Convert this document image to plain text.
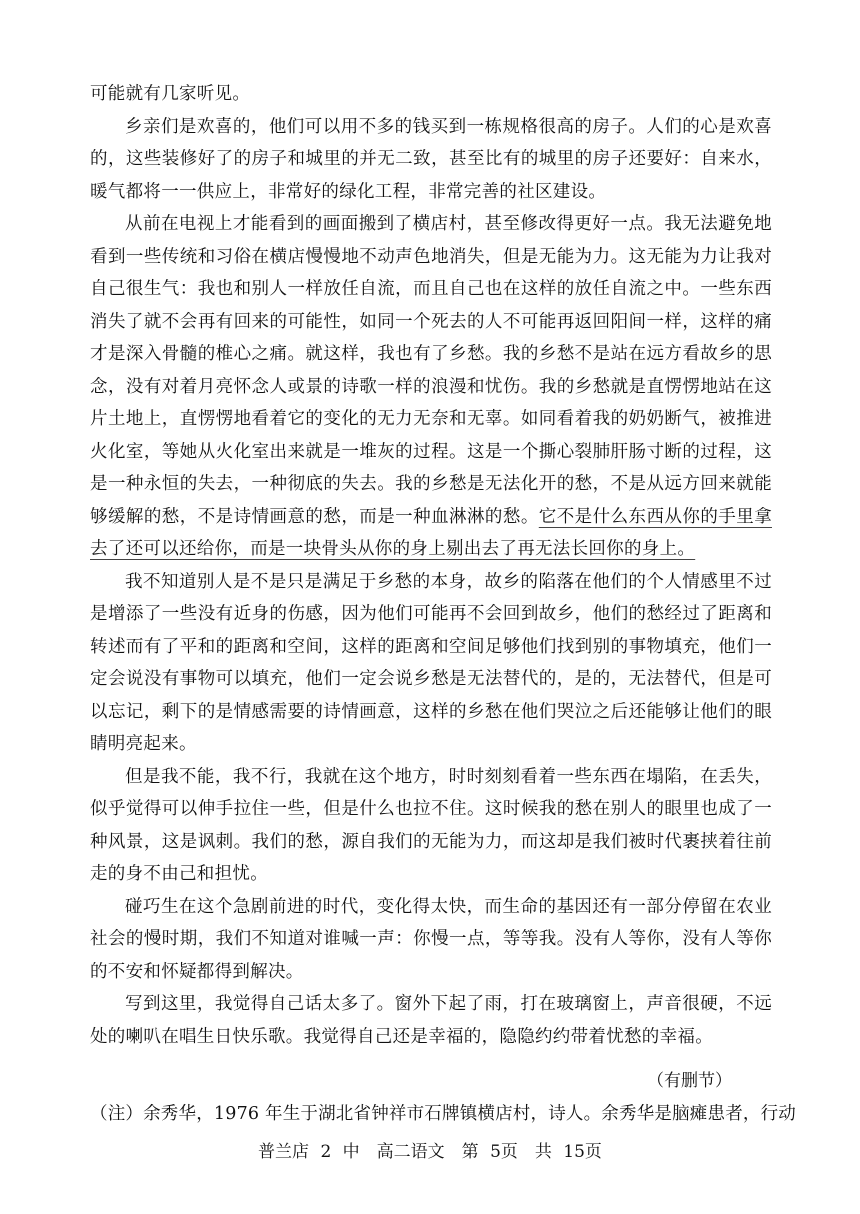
可能就有几家听见。

乡亲们是欢喜的，他们可以用不多的钱买到一栋规格很高的房子。人们的心是欢喜的，这些装修好了的房子和城里的并无二致，甚至比有的城里的房子还要好：自来水，暖气都将一一供应上，非常好的绿化工程，非常完善的社区建设。

从前在电视上才能看到的画面搬到了横店村，甚至修改得更好一点。我无法避免地看到一些传统和习俗在横店慢慢地不动声色地消失，但是无能为力。这无能为力让我对自己很生气：我也和别人一样放任自流，而且自己也在这样的放任自流之中。一些东西消失了就不会再有回来的可能性，如同一个死去的人不可能再返回阳间一样，这样的痛才是深入骨髓的椎心之痛。就这样，我也有了乡愁。我的乡愁不是站在远方看故乡的思念，没有对着月亮怀念人或景的诗歌一样的浪漫和忧伤。我的乡愁就是直愣愣地站在这片土地上，直愣愣地看着它的变化的无力无奈和无辜。如同看着我的奶奶断气，被推进火化室，等她从火化室出来就是一堆灰的过程。这是一个撕心裂肺肝肠寸断的过程，这是一种永恒的失去，一种彻底的失去。我的乡愁是无法化开的愁，不是从远方回来就能够缓解的愁，不是诗情画意的愁，而是一种血淋淋的愁。它不是什么东西从你的手里拿去了还可以还给你，而是一块骨头从你的身上剔出去了再无法长回你的身上。

我不知道别人是不是只是满足于乡愁的本身，故乡的陷落在他们的个人情感里不过是增添了一些没有近身的伤感，因为他们可能再不会回到故乡，他们的愁经过了距离和转述而有了平和的距离和空间，这样的距离和空间足够他们找到别的事物填充，他们一定会说没有事物可以填充，他们一定会说乡愁是无法替代的，是的，无法替代，但是可以忘记，剩下的是情感需要的诗情画意，这样的乡愁在他们哭泣之后还能够让他们的眼睛明亮起来。

但是我不能，我不行，我就在这个地方，时时刻刻看着一些东西在塌陷，在丢失，似乎觉得可以伸手拉住一些，但是什么也拉不住。这时候我的愁在别人的眼里也成了一种风景，这是讽刺。我们的愁，源自我们的无能为力，而这却是我们被时代裹挟着往前走的身不由己和担忧。

碰巧生在这个急剧前进的时代，变化得太快，而生命的基因还有一部分停留在农业社会的慢时期，我们不知道对谁喊一声：你慢一点，等等我。没有人等你，没有人等你的不安和怀疑都得到解决。

写到这里，我觉得自己话太多了。窗外下起了雨，打在玻璃窗上，声音很硬，不远处的喇叭在唱生日快乐歌。我觉得自己还是幸福的，隐隐约约带着忧愁的幸福。

（有删节）

（注）余秀华，1976 年生于湖北省钟祥市石牌镇横店村，诗人。余秀华是脑瘫患者，行动

普兰店 2 中　高二语文　第 5页　共 15页
